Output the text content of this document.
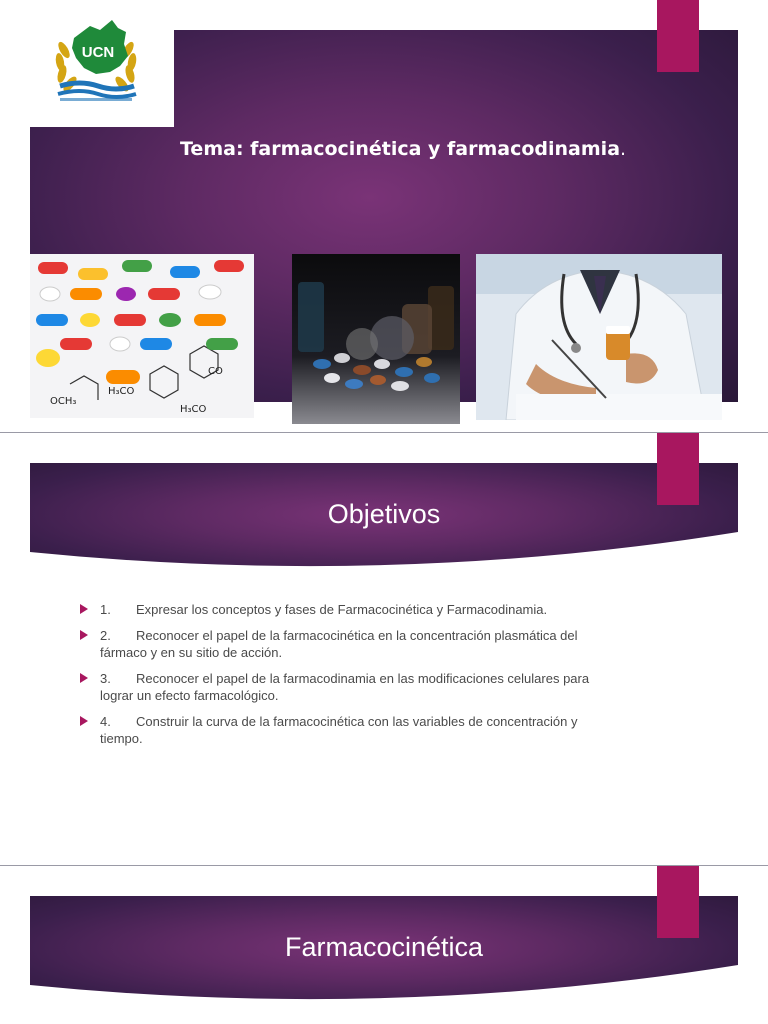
UCN
Tema: farmacocinética y farmacodinamia.
H₃CO
OCH₃
H₃CO
CO
Objetivos
1. Expresar los conceptos y fases de Farmacocinética y Farmacodinamia.
2. Reconocer el papel de la farmacocinética en la concentración plasmática del fármaco y en su sitio de acción.
3. Reconocer el papel de la farmacodinamia en las modificaciones celulares para lograr un efecto farmacológico.
4. Construir la curva de la farmacocinética con las variables de concentración y tiempo.
Farmacocinética
